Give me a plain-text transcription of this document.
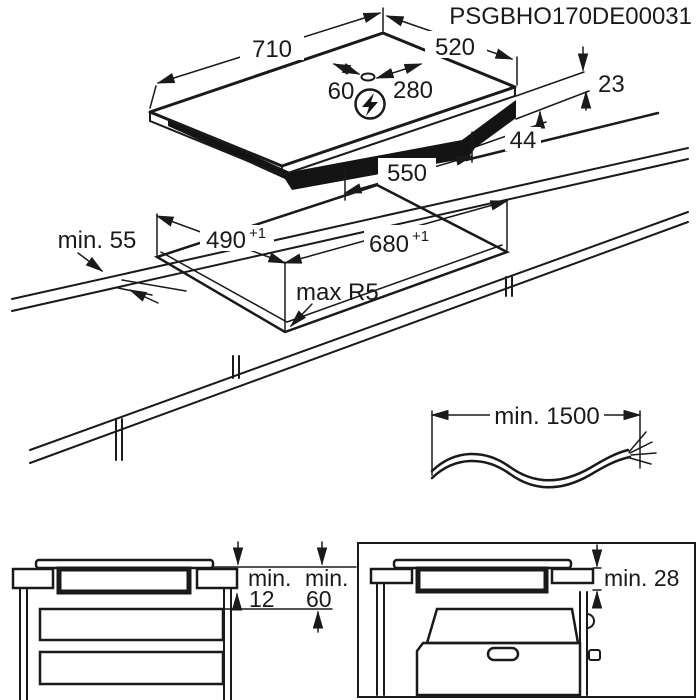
PSGBHO170DE00031
710	520
60 280	23
44
550
490 +1	680 +1
max R5
min. 55
min. 1500
min. min.
12 60
min. 28
